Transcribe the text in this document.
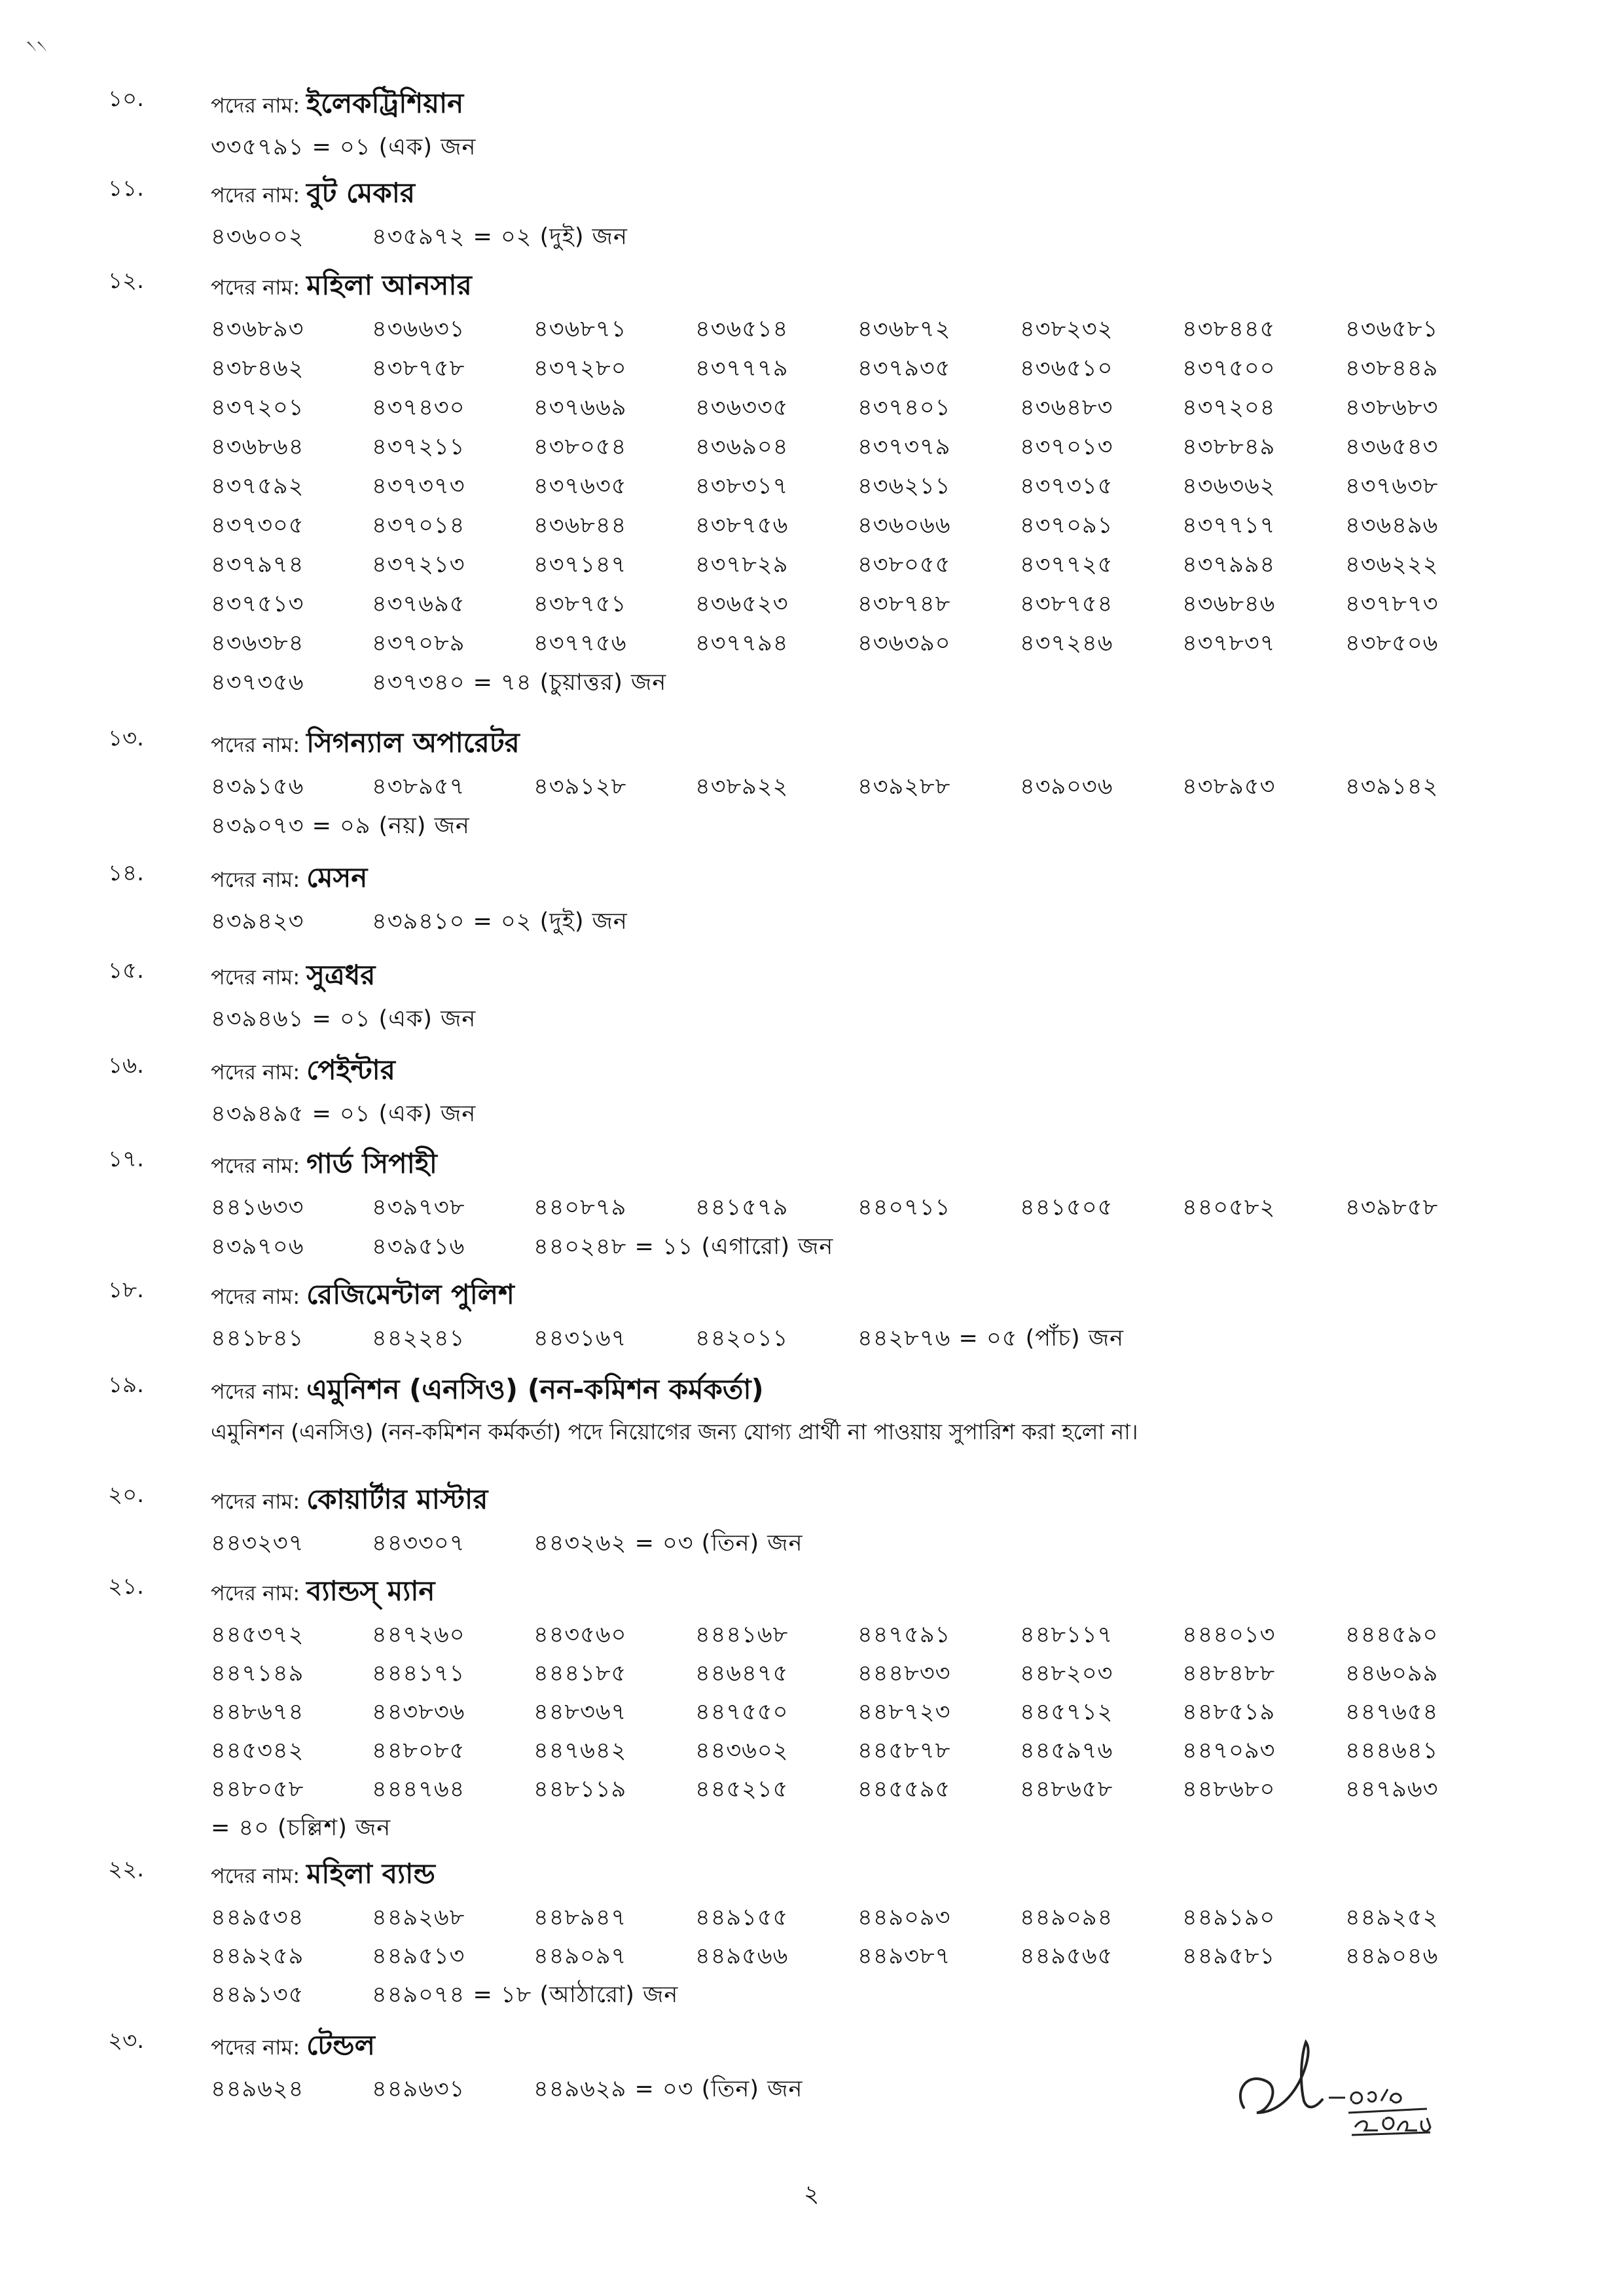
৲৲
২
১০.	পদের নাম: ইলেকট্রিশিয়ান
৩৩৫৭৯১ = ০১ (এক) জন
১১.	পদের নাম: বুট মেকার
৪৩৬০০২	৪৩৫৯৭২ = ০২ (দুই) জন
১২.	পদের নাম: মহিলা আনসার
৪৩৬৮৯৩	৪৩৬৬৩১	৪৩৬৮৭১	৪৩৬৫১৪	৪৩৬৮৭২	৪৩৮২৩২	৪৩৮৪৪৫	৪৩৬৫৮১
৪৩৮৪৬২	৪৩৮৭৫৮	৪৩৭২৮০	৪৩৭৭৭৯	৪৩৭৯৩৫	৪৩৬৫১০	৪৩৭৫০০	৪৩৮৪৪৯
৪৩৭২০১	৪৩৭৪৩০	৪৩৭৬৬৯	৪৩৬৩৩৫	৪৩৭৪০১	৪৩৬৪৮৩	৪৩৭২০৪	৪৩৮৬৮৩
৪৩৬৮৬৪	৪৩৭২১১	৪৩৮০৫৪	৪৩৬৯০৪	৪৩৭৩৭৯	৪৩৭০১৩	৪৩৮৮৪৯	৪৩৬৫৪৩
৪৩৭৫৯২	৪৩৭৩৭৩	৪৩৭৬৩৫	৪৩৮৩১৭	৪৩৬২১১	৪৩৭৩১৫	৪৩৬৩৬২	৪৩৭৬৩৮
৪৩৭৩০৫	৪৩৭০১৪	৪৩৬৮৪৪	৪৩৮৭৫৬	৪৩৬০৬৬	৪৩৭০৯১	৪৩৭৭১৭	৪৩৬৪৯৬
৪৩৭৯৭৪	৪৩৭২১৩	৪৩৭১৪৭	৪৩৭৮২৯	৪৩৮০৫৫	৪৩৭৭২৫	৪৩৭৯৯৪	৪৩৬২২২
৪৩৭৫১৩	৪৩৭৬৯৫	৪৩৮৭৫১	৪৩৬৫২৩	৪৩৮৭৪৮	৪৩৮৭৫৪	৪৩৬৮৪৬	৪৩৭৮৭৩
৪৩৬৩৮৪	৪৩৭০৮৯	৪৩৭৭৫৬	৪৩৭৭৯৪	৪৩৬৩৯০	৪৩৭২৪৬	৪৩৭৮৩৭	৪৩৮৫০৬
৪৩৭৩৫৬	৪৩৭৩৪০ = ৭৪ (চুয়াত্তর) জন
১৩.	পদের নাম: সিগন্যাল অপারেটর
৪৩৯১৫৬	৪৩৮৯৫৭	৪৩৯১২৮	৪৩৮৯২২	৪৩৯২৮৮	৪৩৯০৩৬	৪৩৮৯৫৩	৪৩৯১৪২
৪৩৯০৭৩ = ০৯ (নয়) জন
১৪.	পদের নাম: মেসন
৪৩৯৪২৩	৪৩৯৪১০ = ০২ (দুই) জন
১৫.	পদের নাম: সুত্রধর
৪৩৯৪৬১ = ০১ (এক) জন
১৬.	পদের নাম: পেইন্টার
৪৩৯৪৯৫ = ০১ (এক) জন
১৭.	পদের নাম: গার্ড সিপাহী
৪৪১৬৩৩	৪৩৯৭৩৮	৪৪০৮৭৯	৪৪১৫৭৯	৪৪০৭১১	৪৪১৫০৫	৪৪০৫৮২	৪৩৯৮৫৮
৪৩৯৭০৬	৪৩৯৫১৬	৪৪০২৪৮ = ১১ (এগারো) জন
১৮.	পদের নাম: রেজিমেন্টাল পুলিশ
৪৪১৮৪১	৪৪২২৪১	৪৪৩১৬৭	৪৪২০১১	৪৪২৮৭৬ = ০৫ (পাঁচ) জন
১৯.	পদের নাম: এমুনিশন (এনসিও) (নন-কমিশন কর্মকর্তা)
এমুনিশন (এনসিও) (নন-কমিশন কর্মকর্তা) পদে নিয়োগের জন্য যোগ্য প্রার্থী না পাওয়ায় সুপারিশ করা হলো না।
২০.	পদের নাম: কোয়ার্টার মাস্টার
৪৪৩২৩৭	৪৪৩৩০৭	৪৪৩২৬২ = ০৩ (তিন) জন
২১.	পদের নাম: ব্যান্ডস্ ম্যান
৪৪৫৩৭২	৪৪৭২৬০	৪৪৩৫৬০	৪৪৪১৬৮	৪৪৭৫৯১	৪৪৮১১৭	৪৪৪০১৩	৪৪৪৫৯০
৪৪৭১৪৯	৪৪৪১৭১	৪৪৪১৮৫	৪৪৬৪৭৫	৪৪৪৮৩৩	৪৪৮২০৩	৪৪৮৪৮৮	৪৪৬০৯৯
৪৪৮৬৭৪	৪৪৩৮৩৬	৪৪৮৩৬৭	৪৪৭৫৫০	৪৪৮৭২৩	৪৪৫৭১২	৪৪৮৫১৯	৪৪৭৬৫৪
৪৪৫৩৪২	৪৪৮০৮৫	৪৪৭৬৪২	৪৪৩৬০২	৪৪৫৮৭৮	৪৪৫৯৭৬	৪৪৭০৯৩	৪৪৪৬৪১
৪৪৮০৫৮	৪৪৪৭৬৪	৪৪৮১১৯	৪৪৫২১৫	৪৪৫৫৯৫	৪৪৮৬৫৮	৪৪৮৬৮০	৪৪৭৯৬৩
= ৪০ (চল্লিশ) জন
২২.	পদের নাম: মহিলা ব্যান্ড
৪৪৯৫৩৪	৪৪৯২৬৮	৪৪৮৯৪৭	৪৪৯১৫৫	৪৪৯০৯৩	৪৪৯০৯৪	৪৪৯১৯০	৪৪৯২৫২
৪৪৯২৫৯	৪৪৯৫১৩	৪৪৯০৯৭	৪৪৯৫৬৬	৪৪৯৩৮৭	৪৪৯৫৬৫	৪৪৯৫৮১	৪৪৯০৪৬
৪৪৯১৩৫	৪৪৯০৭৪ = ১৮ (আঠারো) জন
২৩.	পদের নাম: টেন্ডল
৪৪৯৬২৪	৪৪৯৬৩১	৪৪৯৬২৯ = ০৩ (তিন) জন
